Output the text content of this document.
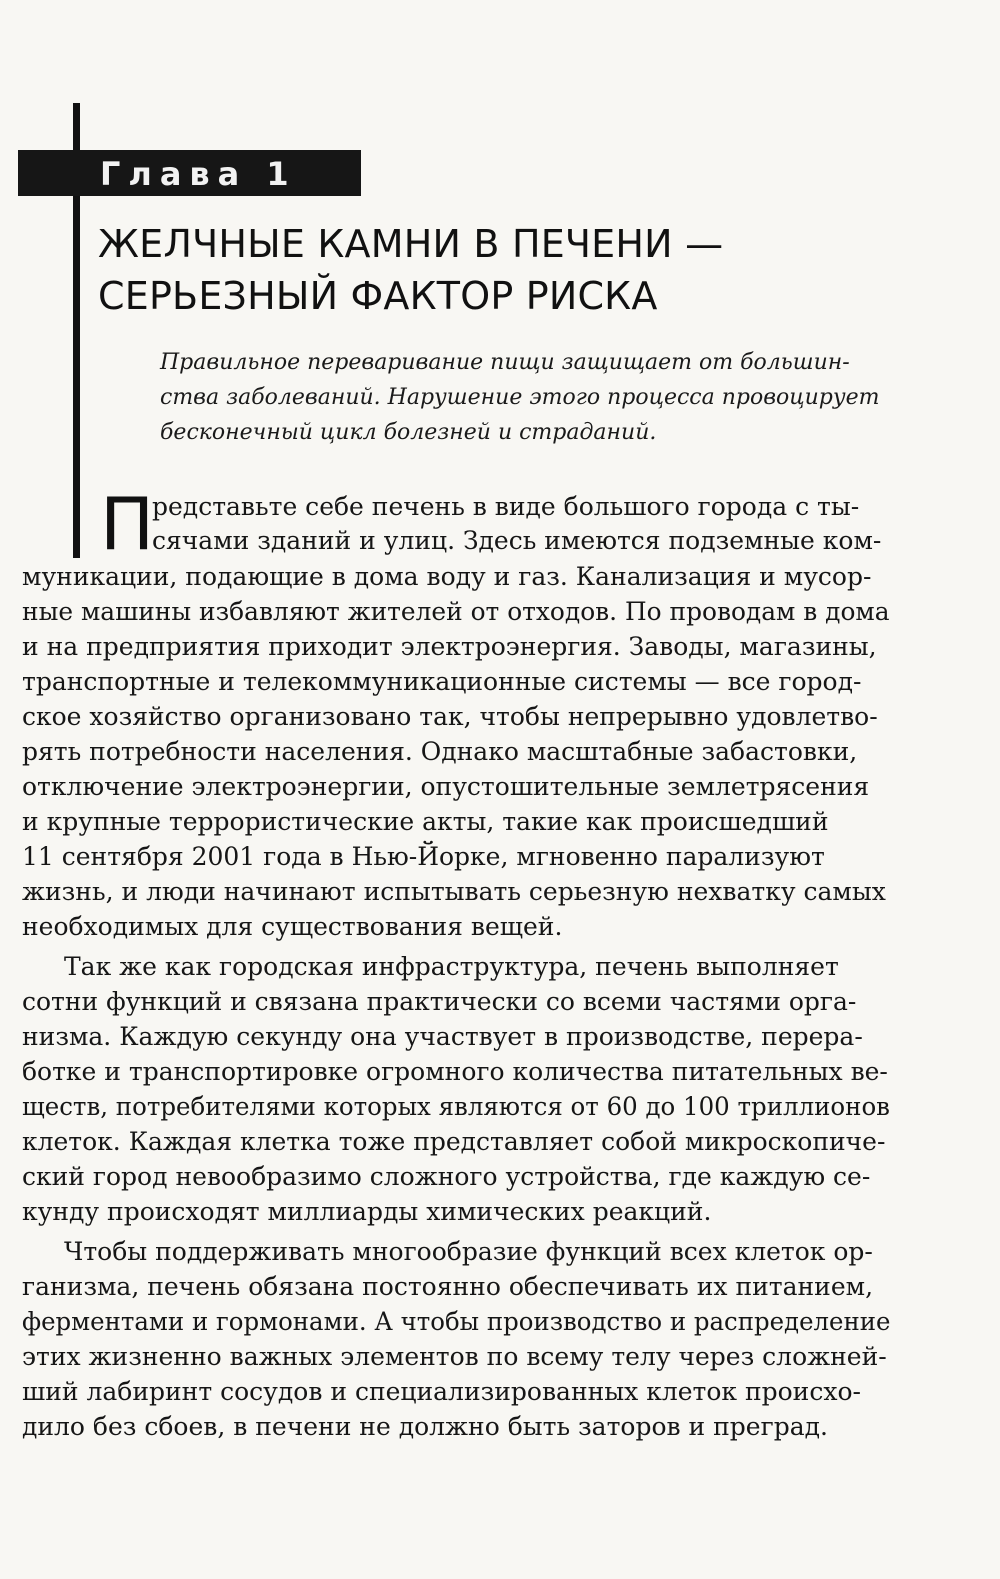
Глава 1
ЖЕЛЧНЫЕ КАМНИ В ПЕЧЕНИ —
СЕРЬЕЗНЫЙ ФАКТОР РИСКА
Правильное переваривание пищи защищает от большин-
ства заболеваний. Нарушение этого процесса провоцирует
бесконечный цикл болезней и страданий.
П
редставьте себе печень в виде большого города с ты-
сячами зданий и улиц. Здесь имеются подземные ком-
муникации, подающие в дома воду и газ. Канализация и мусор-
ные машины избавляют жителей от отходов. По проводам в дома
и на предприятия приходит электроэнергия. Заводы, магазины,
транспортные и телекоммуникационные системы — все город-
ское хозяйство организовано так, чтобы непрерывно удовлетво-
рять потребности населения. Однако масштабные забастовки,
отключение электроэнергии, опустошительные землетрясения
и крупные террористические акты, такие как происшедший
11 сентября 2001 года в Нью-Йорке, мгновенно парализуют
жизнь, и люди начинают испытывать серьезную нехватку самых
необходимых для существования вещей.
Так же как городская инфраструктура, печень выполняет
сотни функций и связана практически со всеми частями орга-
низма. Каждую секунду она участвует в производстве, перера-
ботке и транспортировке огромного количества питательных ве-
ществ, потребителями которых являются от 60 до 100 триллионов
клеток. Каждая клетка тоже представляет собой микроскопиче-
ский город невообразимо сложного устройства, где каждую се-
кунду происходят миллиарды химических реакций.
Чтобы поддерживать многообразие функций всех клеток ор-
ганизма, печень обязана постоянно обеспечивать их питанием,
ферментами и гормонами. А чтобы производство и распределение
этих жизненно важных элементов по всему телу через сложней-
ший лабиринт сосудов и специализированных клеток происхо-
дило без сбоев, в печени не должно быть заторов и преград.
